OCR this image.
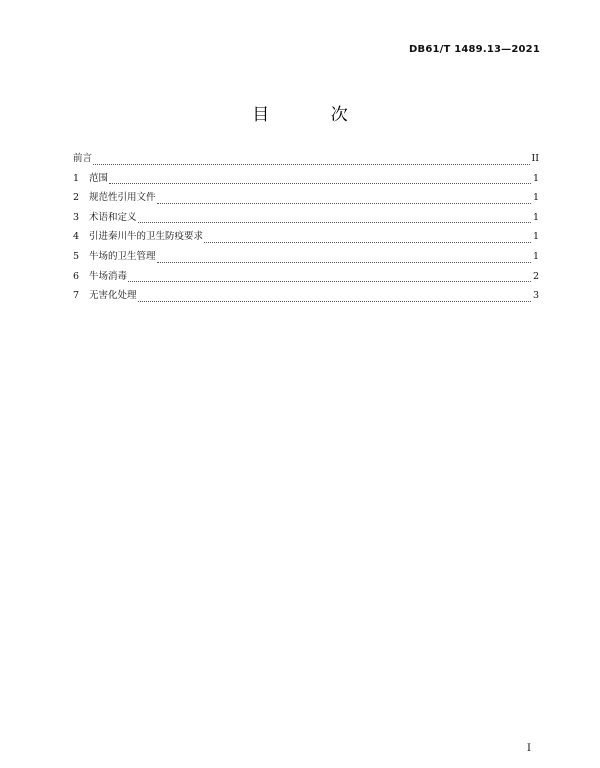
DB61/T 1489.13—2021
目 次
前言	II
1	范围	1
2	规范性引用文件	1
3	术语和定义	1
4	引进秦川牛的卫生防疫要求	1
5	牛场的卫生管理	1
6	牛场消毒	2
7	无害化处理	3
I
